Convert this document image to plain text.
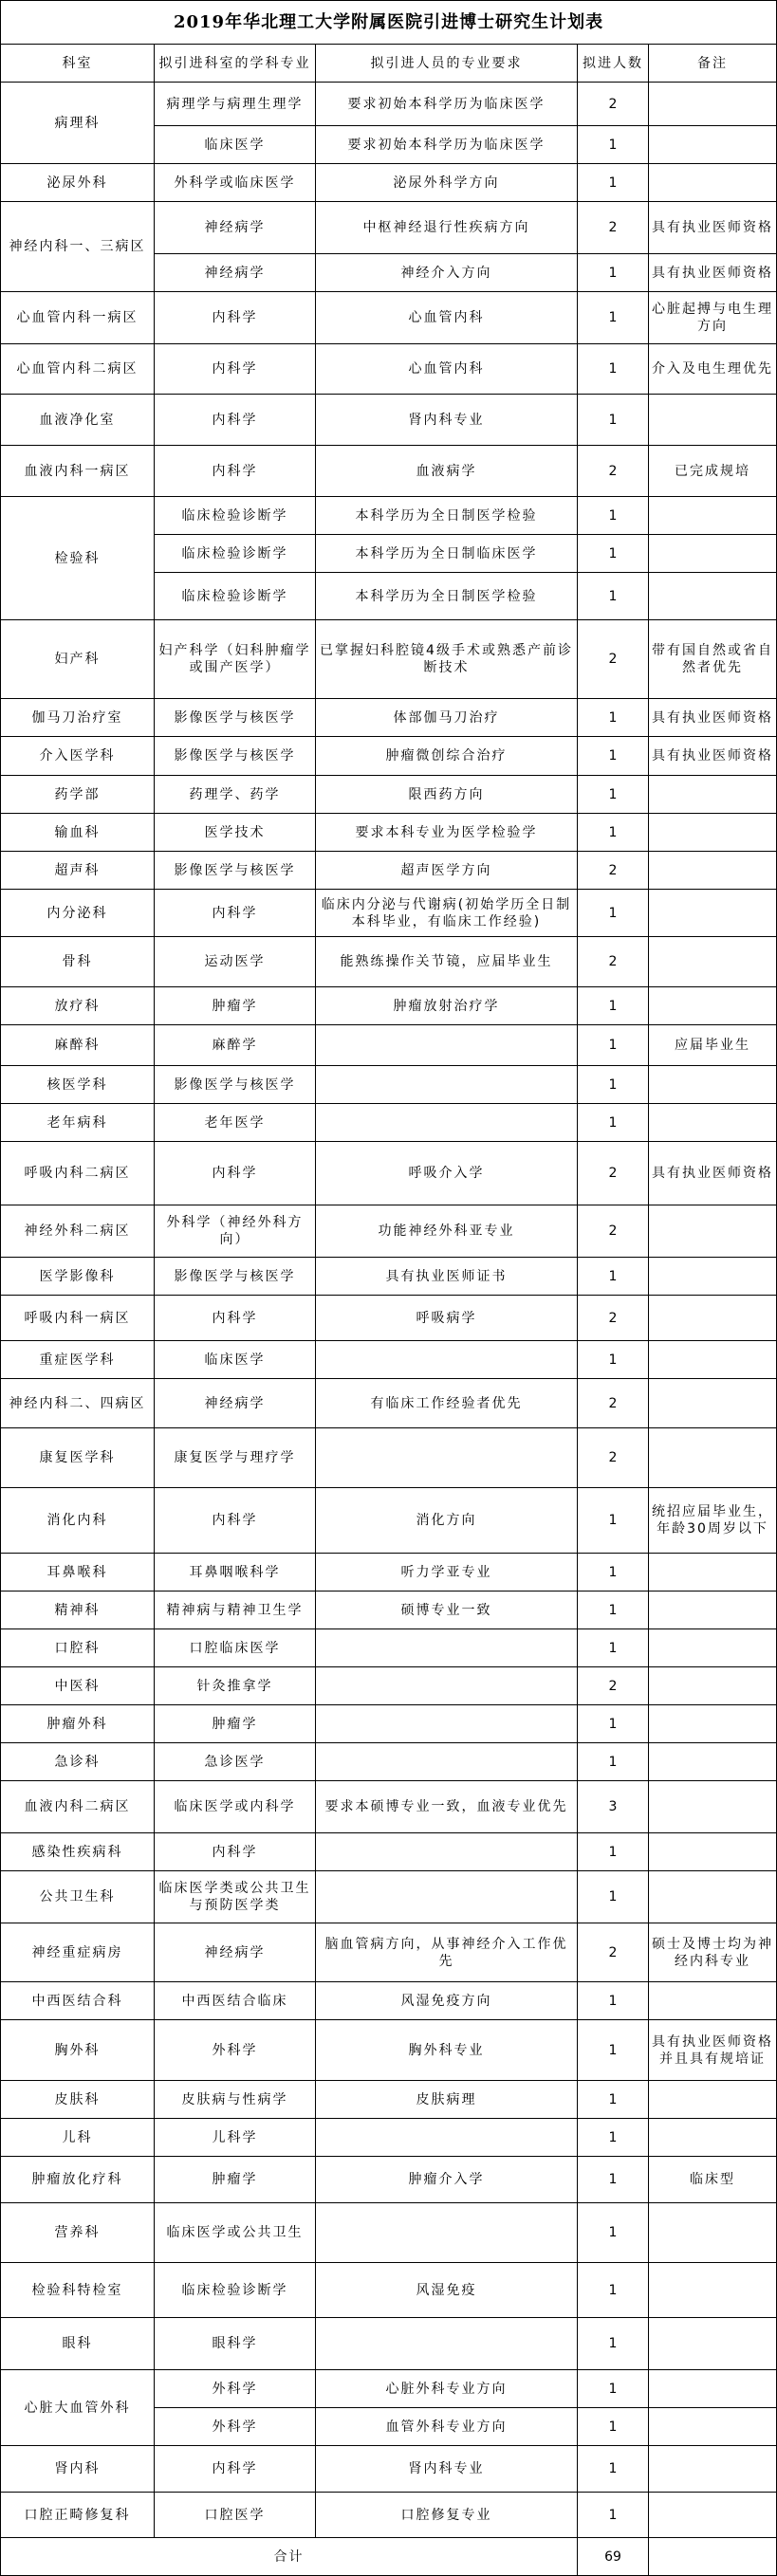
2019年华北理工大学附属医院引进博士研究生计划表				
科室	拟引进科室的学科专业	拟引进人员的专业要求	拟进人数	备注
病理科	病理学与病理生理学	要求初始本科学历为临床医学	2	
	临床医学	要求初始本科学历为临床医学	1	
泌尿外科	外科学或临床医学	泌尿外科学方向	1	
神经内科一、三病区	神经病学	中枢神经退行性疾病方向	2	具有执业医师资格
	神经病学	神经介入方向	1	具有执业医师资格
心血管内科一病区	内科学	心血管内科	1	心脏起搏与电生理方向
心血管内科二病区	内科学	心血管内科	1	介入及电生理优先
血液净化室	内科学	肾内科专业	1	
血液内科一病区	内科学	血液病学	2	已完成规培
检验科	临床检验诊断学	本科学历为全日制医学检验	1	
	临床检验诊断学	本科学历为全日制临床医学	1	
	临床检验诊断学	本科学历为全日制医学检验	1	
妇产科	妇产科学（妇科肿瘤学或围产医学）	已掌握妇科腔镜4级手术或熟悉产前诊断技术	2	带有国自然或省自然者优先
伽马刀治疗室	影像医学与核医学	体部伽马刀治疗	1	具有执业医师资格
介入医学科	影像医学与核医学	肿瘤微创综合治疗	1	具有执业医师资格
药学部	药理学、药学	限西药方向	1	
输血科	医学技术	要求本科专业为医学检验学	1	
超声科	影像医学与核医学	超声医学方向	2	
内分泌科	内科学	临床内分泌与代谢病(初始学历全日制本科毕业，有临床工作经验)	1	
骨科	运动医学	能熟练操作关节镜，应届毕业生	2	
放疗科	肿瘤学	肿瘤放射治疗学	1	
麻醉科	麻醉学		1	应届毕业生
核医学科	影像医学与核医学		1	
老年病科	老年医学		1	
呼吸内科二病区	内科学	呼吸介入学	2	具有执业医师资格
神经外科二病区	外科学（神经外科方向）	功能神经外科亚专业	2	
医学影像科	影像医学与核医学	具有执业医师证书	1	
呼吸内科一病区	内科学	呼吸病学	2	
重症医学科	临床医学		1	
神经内科二、四病区	神经病学	有临床工作经验者优先	2	
康复医学科	康复医学与理疗学		2	
消化内科	内科学	消化方向	1	统招应届毕业生，年龄30周岁以下
耳鼻喉科	耳鼻咽喉科学	听力学亚专业	1	
精神科	精神病与精神卫生学	硕博专业一致	1	
口腔科	口腔临床医学		1	
中医科	针灸推拿学		2	
肿瘤外科	肿瘤学		1	
急诊科	急诊医学		1	
血液内科二病区	临床医学或内科学	要求本硕博专业一致，血液专业优先	3	
感染性疾病科	内科学		1	
公共卫生科	临床医学类或公共卫生与预防医学类		1	
神经重症病房	神经病学	脑血管病方向，从事神经介入工作优先	2	硕士及博士均为神经内科专业
中西医结合科	中西医结合临床	风湿免疫方向	1	
胸外科	外科学	胸外科专业	1	具有执业医师资格并且具有规培证
皮肤科	皮肤病与性病学	皮肤病理	1	
儿科	儿科学		1	
肿瘤放化疗科	肿瘤学	肿瘤介入学	1	临床型
营养科	临床医学或公共卫生		1	
检验科特检室	临床检验诊断学	风湿免疫	1	
眼科	眼科学		1	
心脏大血管外科	外科学	心脏外科专业方向	1	
	外科学	血管外科专业方向	1	
肾内科	内科学	肾内科专业	1	
口腔正畸修复科	口腔医学	口腔修复专业	1	
合计			69	
